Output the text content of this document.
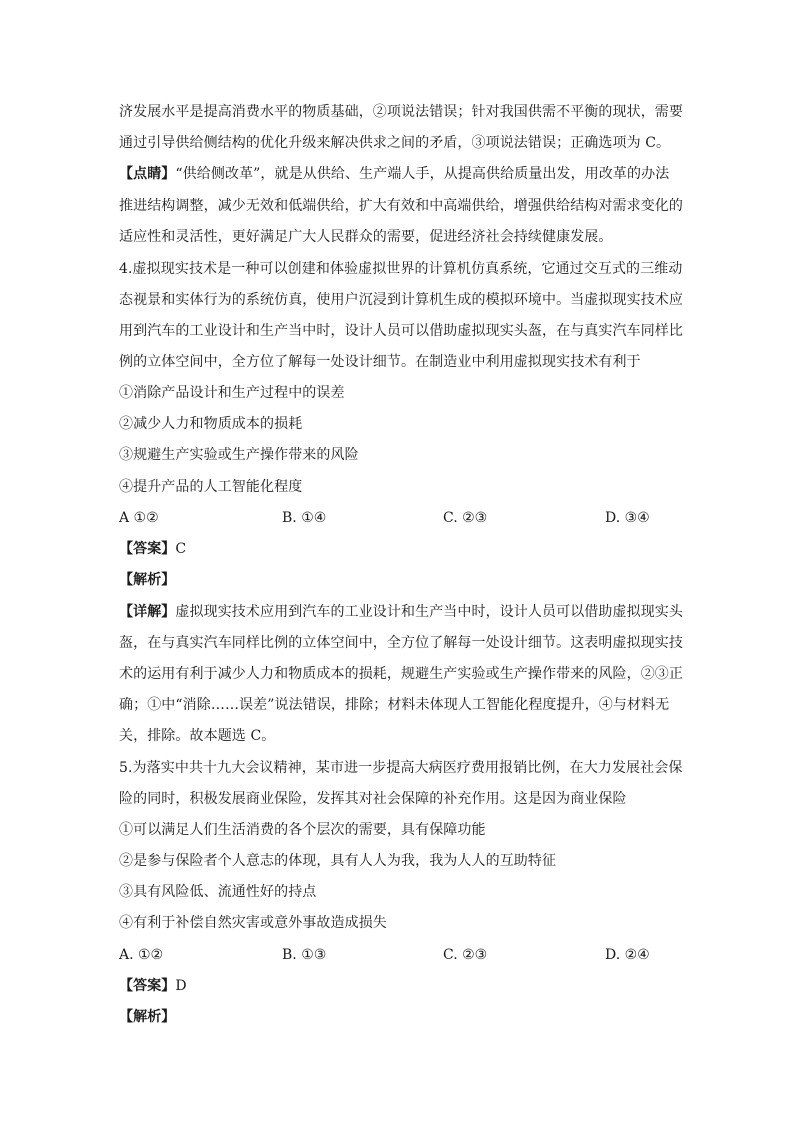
济发展水平是提高消费水平的物质基础，②项说法错误；针对我国供需不平衡的现状，需要
通过引导供给侧结构的优化升级来解决供求之间的矛盾，③项说法错误；正确选项为 C。
【点睛】“供给侧改革”，就是从供给、生产端人手，从提高供给质量出发，用改革的办法
推进结构调整，减少无效和低端供给，扩大有效和中高端供给，增强供给结构对需求变化的
适应性和灵活性，更好满足广大人民群众的需要，促进经济社会持续健康发展。
4.虚拟现实技术是一种可以创建和体验虚拟世界的计算机仿真系统，它通过交互式的三维动
态视景和实体行为的系统仿真，使用户沉浸到计算机生成的模拟环境中。当虚拟现实技术应
用到汽车的工业设计和生产当中时，设计人员可以借助虚拟现实头盔，在与真实汽车同样比
例的立体空间中，全方位了解每一处设计细节。在制造业中利用虚拟现实技术有利于
①消除产品设计和生产过程中的误差
②减少人力和物质成本的损耗
③规避生产实验或生产操作带来的风险
④提升产品的人工智能化程度
A ①②	B. ①④	C. ②③	D. ③④
【答案】C
【解析】
【详解】虚拟现实技术应用到汽车的工业设计和生产当中时，设计人员可以借助虚拟现实头
盔，在与真实汽车同样比例的立体空间中，全方位了解每一处设计细节。这表明虚拟现实技
术的运用有利于减少人力和物质成本的损耗，规避生产实验或生产操作带来的风险，②③正
确；①中“消除……误差”说法错误，排除；材料未体现人工智能化程度提升，④与材料无
关，排除。故本题选 C。
5.为落实中共十九大会议精神，某市进一步提高大病医疗费用报销比例，在大力发展社会保
险的同时，积极发展商业保险，发挥其对社会保障的补充作用。这是因为商业保险
①可以满足人们生活消费的各个层次的需要，具有保障功能
②是参与保险者个人意志的体现，具有人人为我，我为人人的互助特征
③具有风险低、流通性好的持点
④有利于补偿自然灾害或意外事故造成损失
A. ①②	B. ①③	C. ②③	D. ②④
【答案】D
【解析】
